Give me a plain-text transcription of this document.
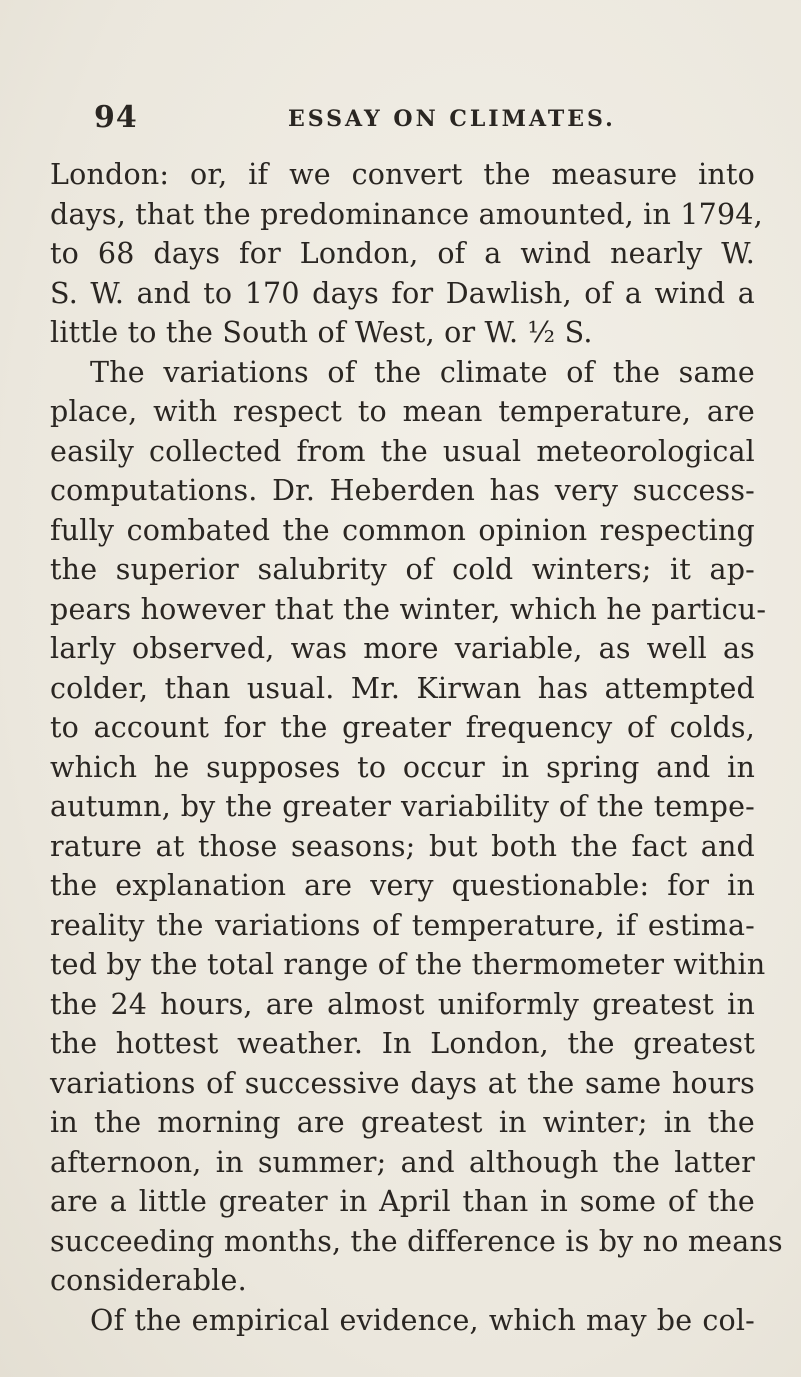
94	ESSAY ON CLIMATES.
London: or, if we convert the measure into
days, that the predominance amounted, in 1794,
to 68 days for London, of a wind nearly W.
S. W. and to 170 days for Dawlish, of a wind a
little to the South of West, or W. ½ S.
The variations of the climate of the same
place, with respect to mean temperature, are
easily collected from the usual meteorological
computations. Dr. Heberden has very success-
fully combated the common opinion respecting
the superior salubrity of cold winters; it ap-
pears however that the winter, which he particu-
larly observed, was more variable, as well as
colder, than usual. Mr. Kirwan has attempted
to account for the greater frequency of colds,
which he supposes to occur in spring and in
autumn, by the greater variability of the tempe-
rature at those seasons; but both the fact and
the explanation are very questionable: for in
reality the variations of temperature, if estima-
ted by the total range of the thermometer within
the 24 hours, are almost uniformly greatest in
the hottest weather. In London, the greatest
variations of successive days at the same hours
in the morning are greatest in winter; in the
afternoon, in summer; and although the latter
are a little greater in April than in some of the
succeeding months, the difference is by no means
considerable.
Of the empirical evidence, which may be col-
